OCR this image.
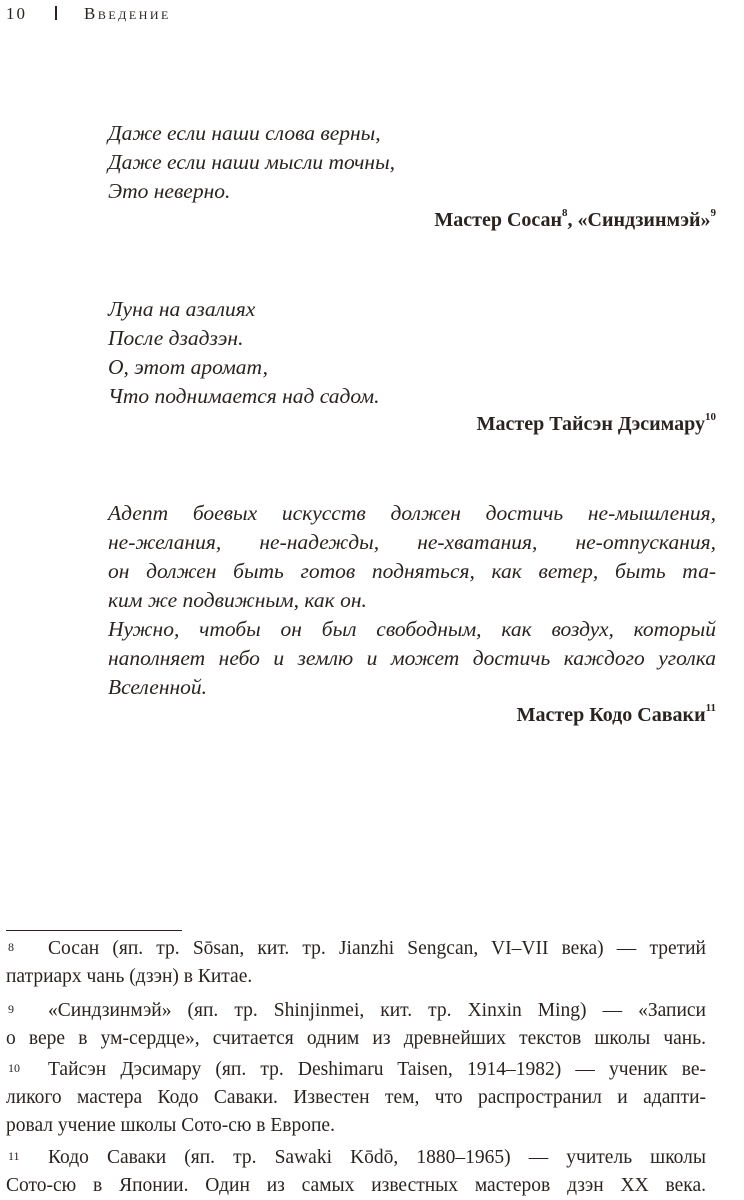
10	Введение
Даже если наши слова верны,
Даже если наши мысли точны,
Это неверно.
Мастер Сосан$^8$, «Синдзинмэй»$^9$
Луна на азалиях
После дзадзэн.
О, этот аромат,
Что поднимается над садом.
Мастер Тайсэн Дэсимару$^{10}$
Адепт боевых искусств должен достичь не-мышления,
не-желания, не-надежды, не-хватания, не-отпускания,
он должен быть готов подняться, как ветер, быть та-
ким же подвижным, как он.
Нужно, чтобы он был свободным, как воздух, который
наполняет небо и землю и может достичь каждого уголка
Вселенной.
Мастер Кодо Саваки$^{11}$
8	Сосан (яп. тр. Sōsan, кит. тр. Jianzhi Sengcan, VI–VII века) — третий
патриарх чань (дзэн) в Китае.
9	«Синдзинмэй» (яп. тр. Shinjinmei, кит. тр. Xinxin Ming) — «Записи
о вере в ум-сердце», считается одним из древнейших текстов школы чань.
10	Тайсэн Дэсимару (яп. тр. Deshimaru Taisen, 1914–1982) — ученик ве-
ликого мастера Кодо Саваки. Известен тем, что распространил и адапти-
ровал учение школы Сото-сю в Европе.
11	Кодо Саваки (яп. тр. Sawaki Kōdō, 1880–1965) — учитель школы
Сото-сю в Японии. Один из самых известных мастеров дзэн XX века.
